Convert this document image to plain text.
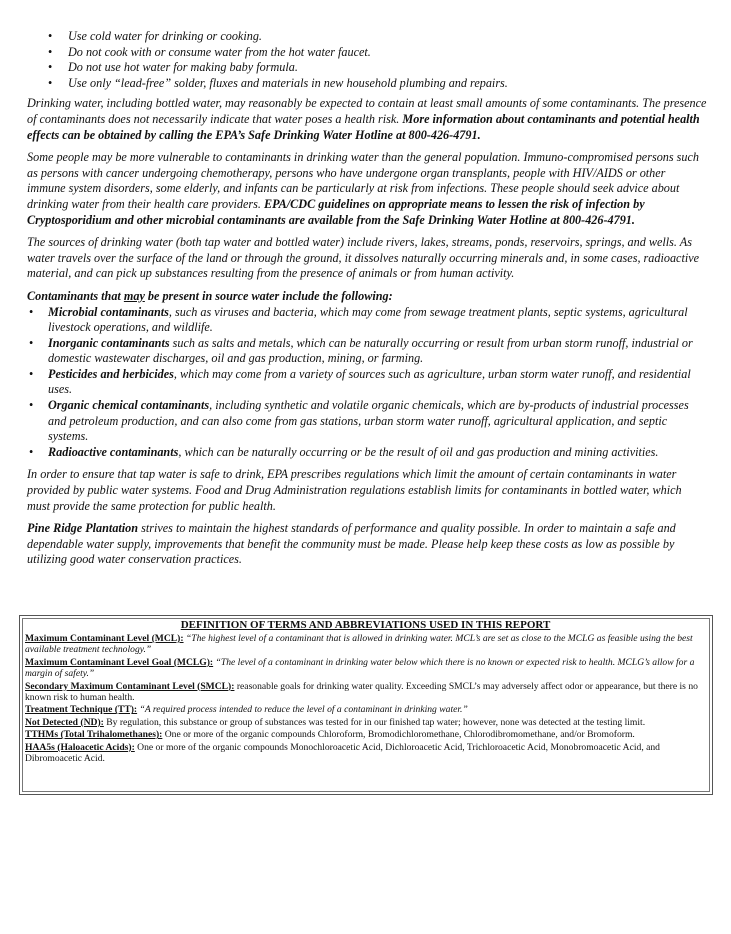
• Use cold water for drinking or cooking.
• Do not cook with or consume water from the hot water faucet.
• Do not use hot water for making baby formula.
• Use only “lead-free” solder, fluxes and materials in new household plumbing and repairs.

Drinking water, including bottled water, may reasonably be expected to contain at least small amounts of some contaminants. The presence of contaminants does not necessarily indicate that water poses a health risk. More information about contaminants and potential health effects can be obtained by calling the EPA’s Safe Drinking Water Hotline at 800-426-4791.

Some people may be more vulnerable to contaminants in drinking water than the general population. Immuno-compromised persons such as persons with cancer undergoing chemotherapy, persons who have undergone organ transplants, people with HIV/AIDS or other immune system disorders, some elderly, and infants can be particularly at risk from infections. These people should seek advice about drinking water from their health care providers. EPA/CDC guidelines on appropriate means to lessen the risk of infection by Cryptosporidium and other microbial contaminants are available from the Safe Drinking Water Hotline at 800-426-4791.

The sources of drinking water (both tap water and bottled water) include rivers, lakes, streams, ponds, reservoirs, springs, and wells. As water travels over the surface of the land or through the ground, it dissolves naturally occurring minerals and, in some cases, radioactive material, and can pick up substances resulting from the presence of animals or from human activity.

Contaminants that may be present in source water include the following:

• Microbial contaminants, such as viruses and bacteria, which may come from sewage treatment plants, septic systems, agricultural livestock operations, and wildlife.
• Inorganic contaminants such as salts and metals, which can be naturally occurring or result from urban storm runoff, industrial or domestic wastewater discharges, oil and gas production, mining, or farming.
• Pesticides and herbicides, which may come from a variety of sources such as agriculture, urban storm water runoff, and residential uses.
• Organic chemical contaminants, including synthetic and volatile organic chemicals, which are by-products of industrial processes and petroleum production, and can also come from gas stations, urban storm water runoff, agricultural application, and septic systems.
• Radioactive contaminants, which can be naturally occurring or be the result of oil and gas production and mining activities.

In order to ensure that tap water is safe to drink, EPA prescribes regulations which limit the amount of certain contaminants in water provided by public water systems. Food and Drug Administration regulations establish limits for contaminants in bottled water, which must provide the same protection for public health.

Pine Ridge Plantation strives to maintain the highest standards of performance and quality possible. In order to maintain a safe and dependable water supply, improvements that benefit the community must be made. Please help keep these costs as low as possible by utilizing good water conservation practices.

DEFINITION OF TERMS AND ABBREVIATIONS USED IN THIS REPORT

Maximum Contaminant Level (MCL): “The highest level of a contaminant that is allowed in drinking water. MCL’s are set as close to the MCLG as feasible using the best available treatment technology.”

Maximum Contaminant Level Goal (MCLG): “The level of a contaminant in drinking water below which there is no known or expected risk to health. MCLG’s allow for a margin of safety.”

Secondary Maximum Contaminant Level (SMCL): reasonable goals for drinking water quality. Exceeding SMCL’s may adversely affect odor or appearance, but there is no known risk to human health.

Treatment Technique (TT): “A required process intended to reduce the level of a contaminant in drinking water.”

Not Detected (ND): By regulation, this substance or group of substances was tested for in our finished tap water; however, none was detected at the testing limit.

TTHMs (Total Trihalomethanes): One or more of the organic compounds Chloroform, Bromodichloromethane, Chlorodibromomethane, and/or Bromoform.

HAA5s (Haloacetic Acids): One or more of the organic compounds Monochloroacetic Acid, Dichloroacetic Acid, Trichloroacetic Acid, Monobromoacetic Acid, and Dibromoacetic Acid.
